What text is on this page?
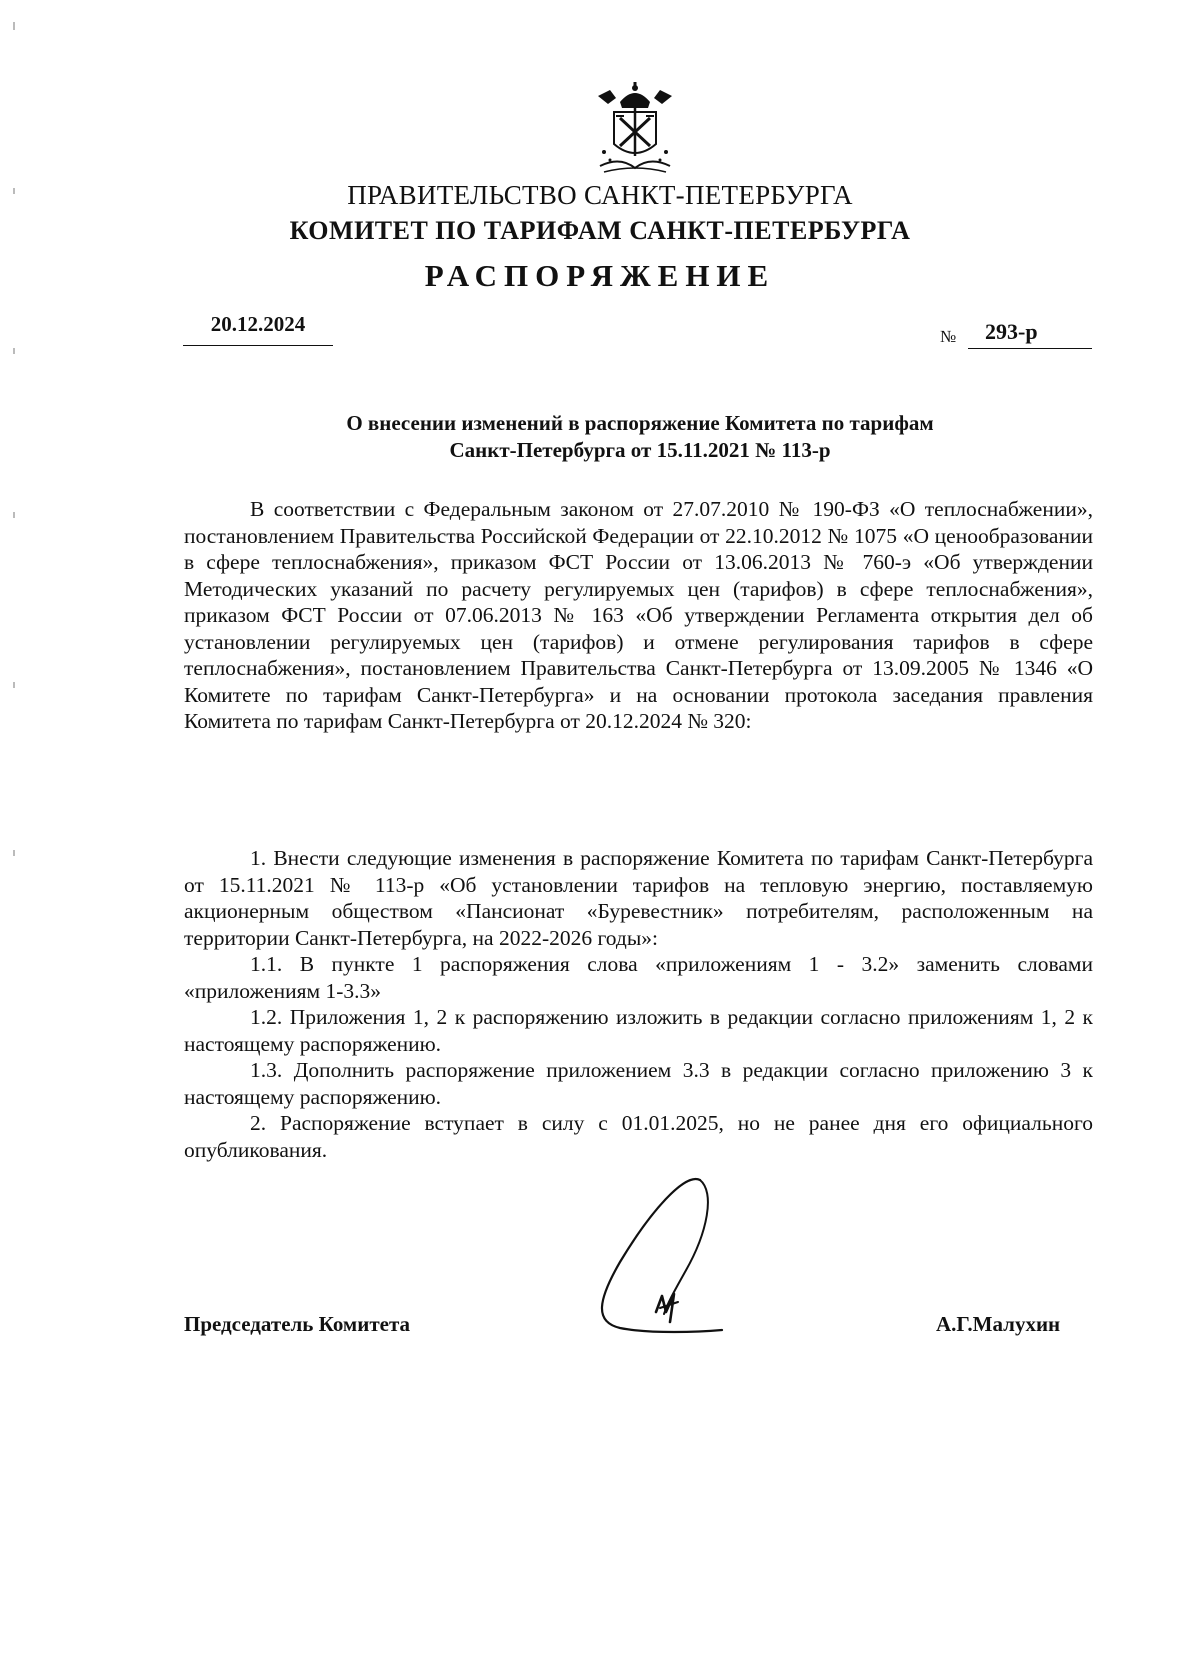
ПРАВИТЕЛЬСТВО САНКТ-ПЕТЕРБУРГА
КОМИТЕТ ПО ТАРИФАМ САНКТ-ПЕТЕРБУРГА
РАСПОРЯЖЕНИЕ
20.12.2024
№ 293-р
О внесении изменений в распоряжение Комитета по тарифам
Санкт-Петербурга от 15.11.2021 № 113-р

В соответствии с Федеральным законом от 27.07.2010 № 190-ФЗ «О теплоснабжении», постановлением Правительства Российской Федерации от 22.10.2012 № 1075 «О ценообразовании в сфере теплоснабжения», приказом ФСТ России от 13.06.2013 № 760-э «Об утверждении Методических указаний по расчету регулируемых цен (тарифов) в сфере теплоснабжения», приказом ФСТ России от 07.06.2013 № 163 «Об утверждении Регламента открытия дел об установлении регулируемых цен (тарифов) и отмене регулирования тарифов в сфере теплоснабжения», постановлением Правительства Санкт-Петербурга от 13.09.2005 № 1346 «О Комитете по тарифам Санкт-Петербурга» и на основании протокола заседания правления Комитета по тарифам Санкт-Петербурга от 20.12.2024 № 320:

1. Внести следующие изменения в распоряжение Комитета по тарифам Санкт-Петербурга от 15.11.2021 № 113-р «Об установлении тарифов на тепловую энергию, поставляемую акционерным обществом «Пансионат «Буревестник» потребителям, расположенным на территории Санкт-Петербурга, на 2022-2026 годы»:

1.1. В пункте 1 распоряжения слова «приложениям 1 - 3.2» заменить словами «приложениям 1-3.3»

1.2. Приложения 1, 2 к распоряжению изложить в редакции согласно приложениям 1, 2 к настоящему распоряжению.

1.3. Дополнить распоряжение приложением 3.3 в редакции согласно приложению 3 к настоящему распоряжению.

2. Распоряжение вступает в силу с 01.01.2025, но не ранее дня его официального опубликования.

Председатель Комитета	А.Г.Малухин
